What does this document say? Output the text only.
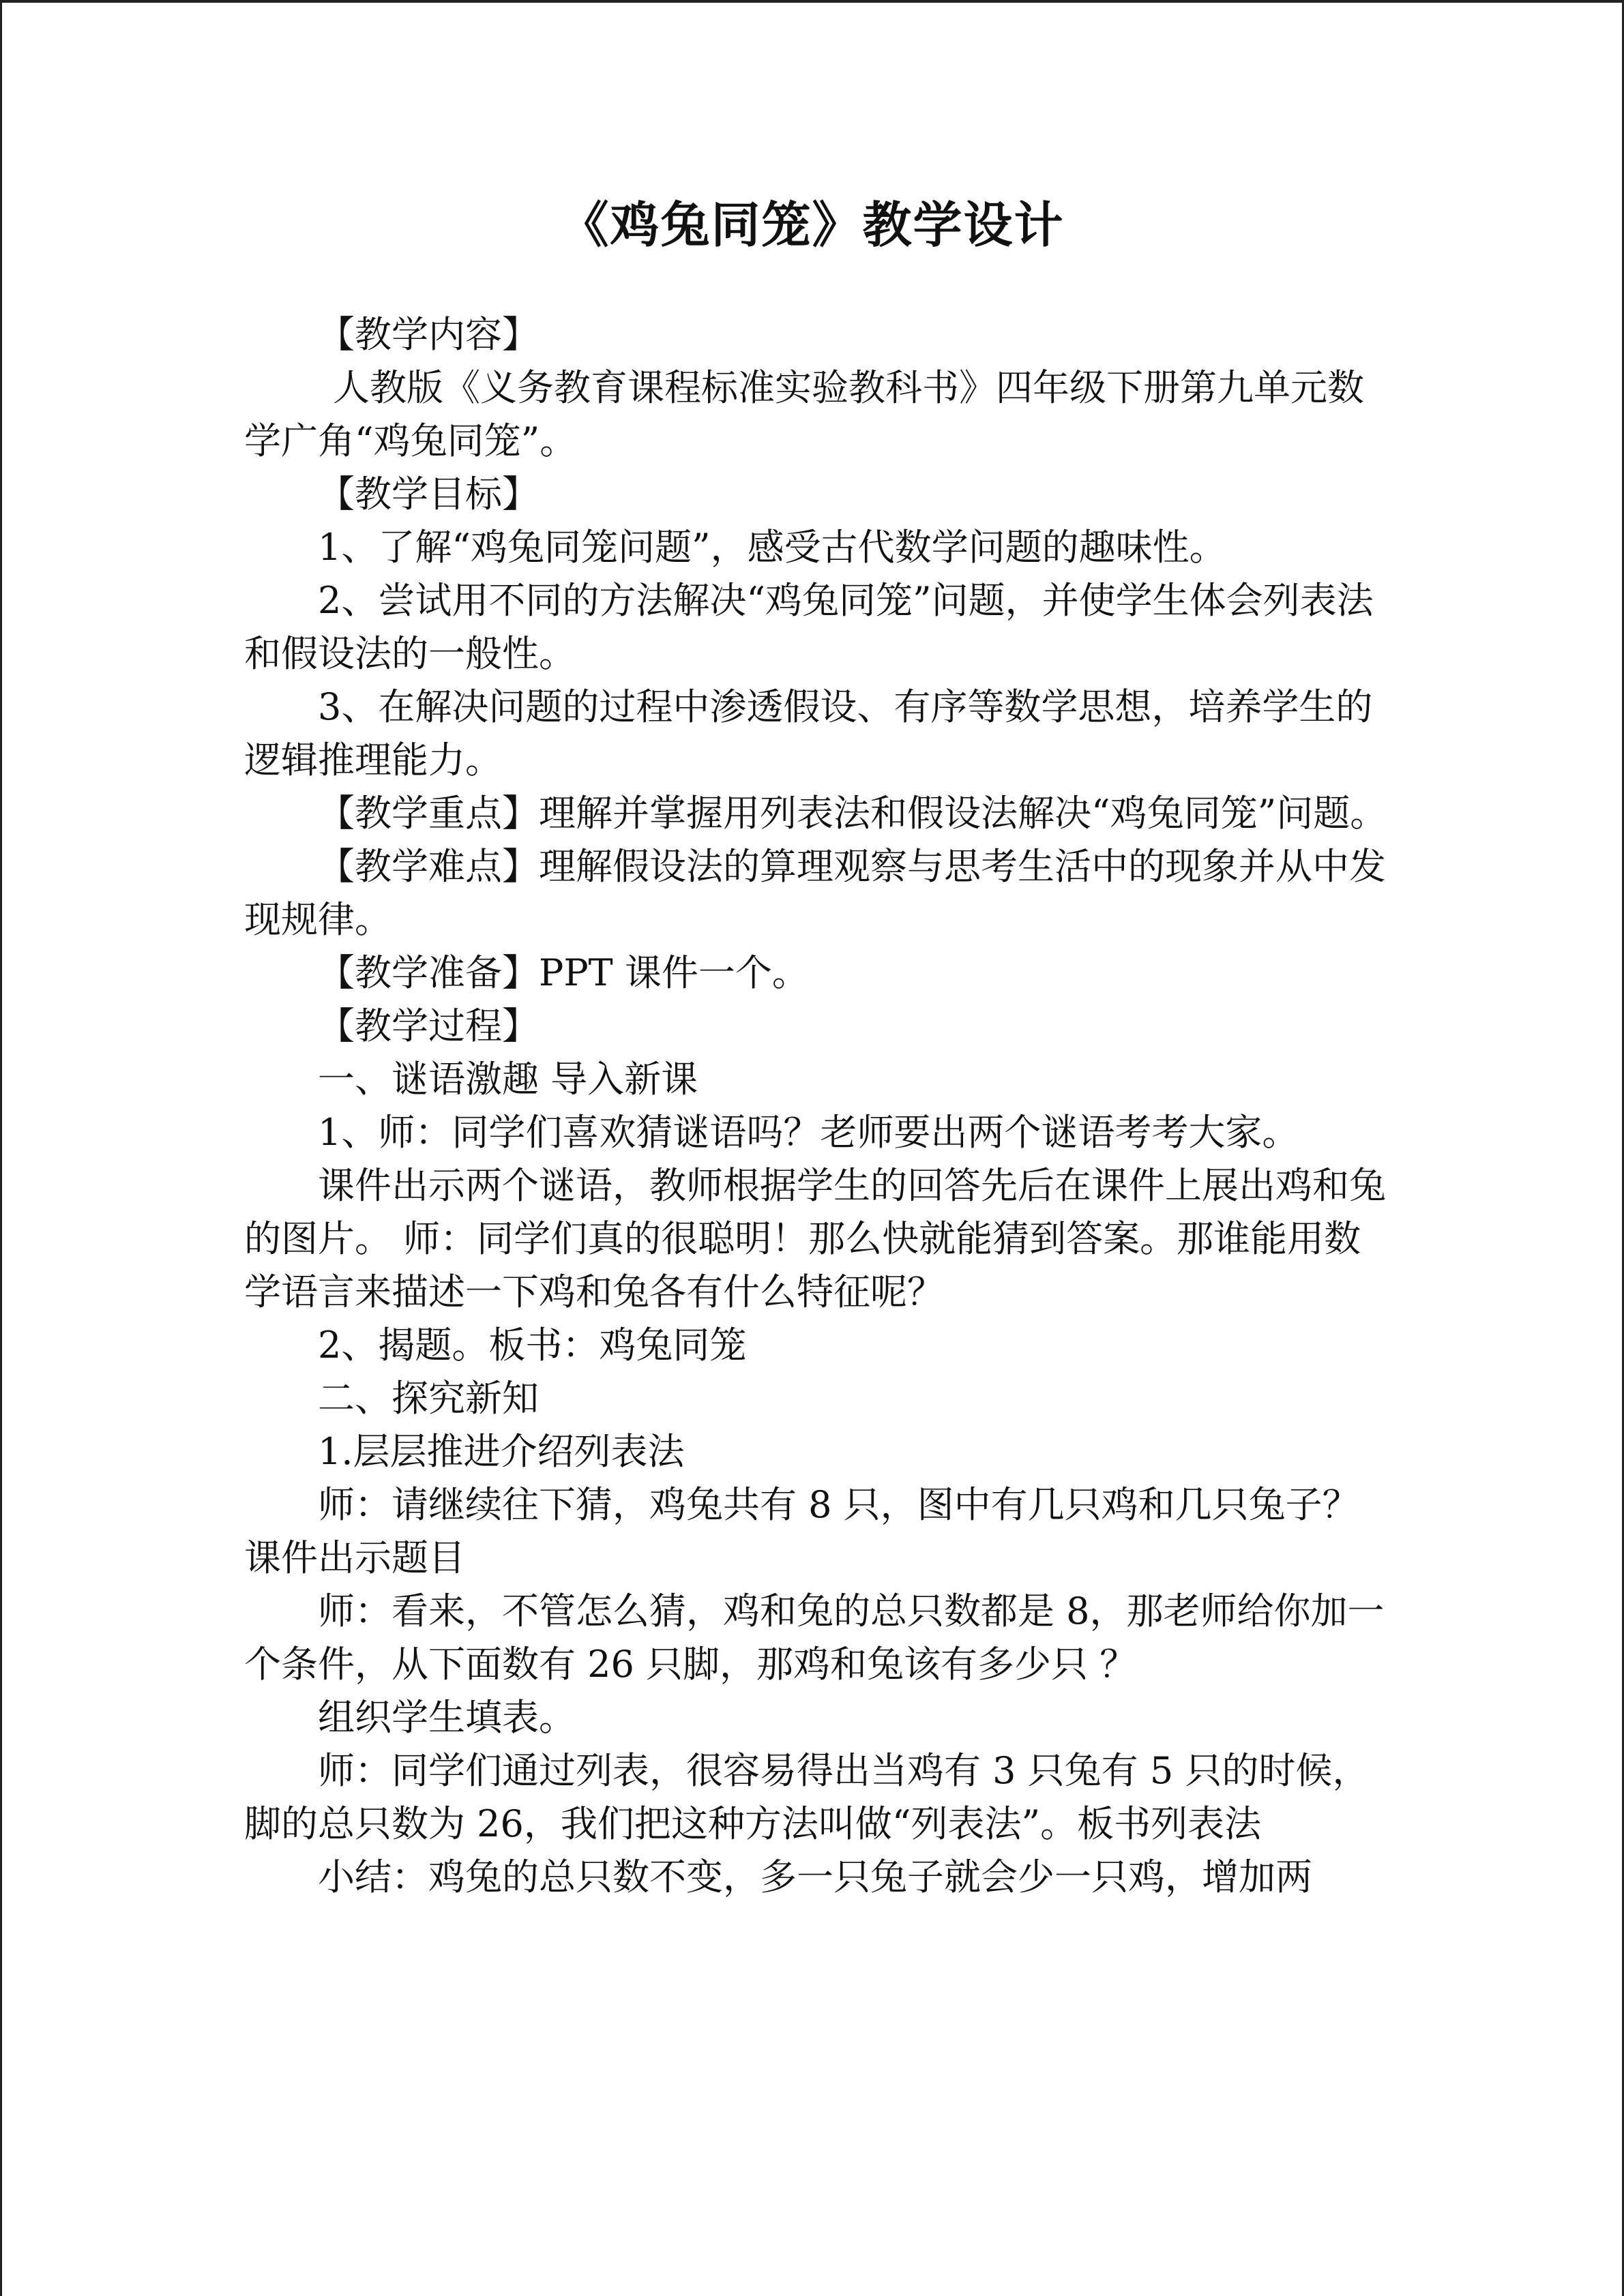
《鸡兔同笼》教学设计

【教学内容】

人教版《义务教育课程标准实验教科书》四年级下册第九单元数学广角“鸡兔同笼”。

【教学目标】

1、了解“鸡兔同笼问题”，感受古代数学问题的趣味性。

2、尝试用不同的方法解决“鸡兔同笼”问题，并使学生体会列表法和假设法的一般性。

3、在解决问题的过程中渗透假设、有序等数学思想，培养学生的逻辑推理能力。

【教学重点】理解并掌握用列表法和假设法解决“鸡兔同笼”问题。

【教学难点】理解假设法的算理观察与思考生活中的现象并从中发现规律。

【教学准备】PPT 课件一个。

【教学过程】

一、谜语激趣 导入新课

1、师：同学们喜欢猜谜语吗？老师要出两个谜语考考大家。

课件出示两个谜语，教师根据学生的回答先后在课件上展出鸡和兔的图片。 师：同学们真的很聪明！那么快就能猜到答案。那谁能用数学语言来描述一下鸡和兔各有什么特征呢？

2、揭题。板书：鸡兔同笼

二、探究新知

1.层层推进介绍列表法

师：请继续往下猜，鸡兔共有 8 只，图中有几只鸡和几只兔子？ 课件出示题目

师：看来，不管怎么猜，鸡和兔的总只数都是 8，那老师给你加一个条件，从下面数有 26 只脚，那鸡和兔该有多少只 ？

组织学生填表。

师：同学们通过列表，很容易得出当鸡有 3 只兔有 5 只的时候，脚的总只数为 26，我们把这种方法叫做“列表法”。板书列表法

小结：鸡兔的总只数不变，多一只兔子就会少一只鸡，增加两
